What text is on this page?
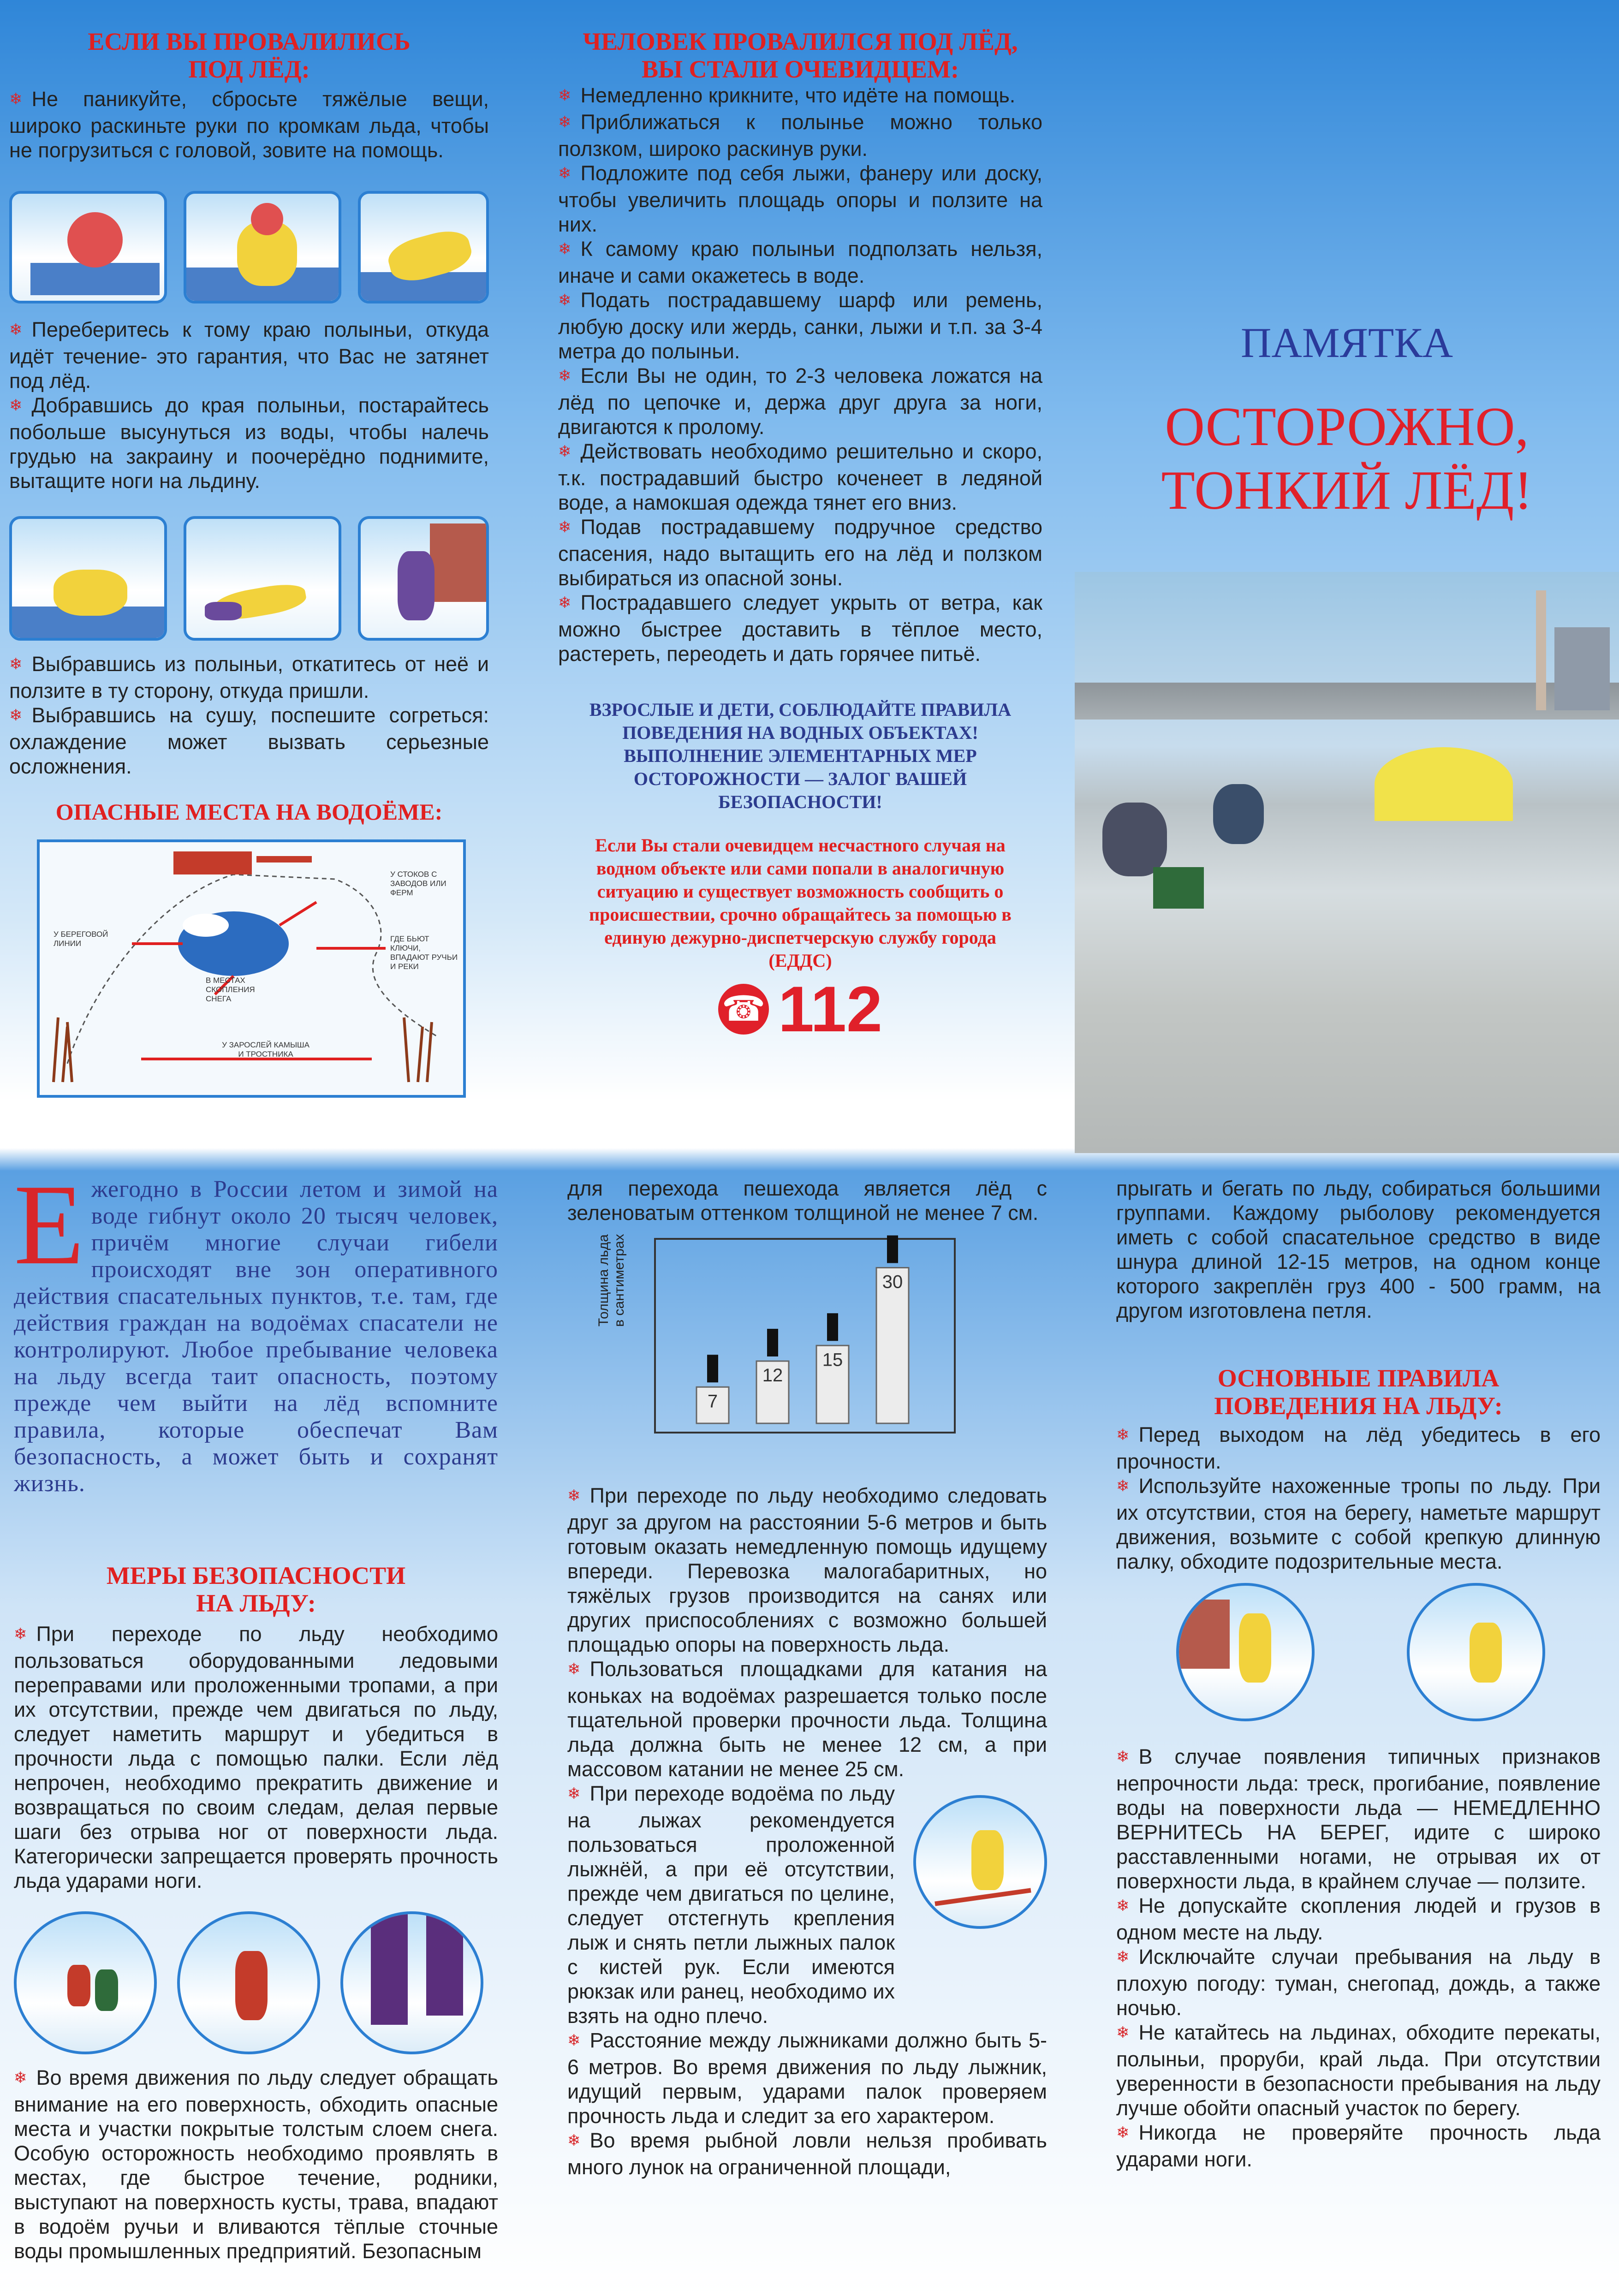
ЕСЛИ ВЫ ПРОВАЛИЛИСЬ
ПОД ЛЁД:
❄ Не паникуйте, сбросьте тяжёлые вещи, широко раскиньте руки по кромкам льда, чтобы не погрузиться с головой, зовите на помощь.
❄ Переберитесь к тому краю полыньи, откуда идёт течение- это гарантия, что Вас не затянет под лёд.
❄ Добравшись до края полыньи, постарайтесь побольше высунуться из воды, чтобы налечь грудью на закраину и поочерёдно поднимите, вытащите ноги на льдину.
❄ Выбравшись из полыньи, откатитесь от неё и ползите в ту сторону, откуда пришли.
❄ Выбравшись на сушу, поспешите согреться: охлаждение может вызвать серьезные осложнения.
ОПАСНЫЕ МЕСТА НА ВОДОЁМЕ:
У СТОКОВ С ЗАВОДОВ ИЛИ ФЕРМ
У БЕРЕГОВОЙ ЛИНИИ
ГДЕ БЬЮТ КЛЮЧИ, ВПАДАЮТ РУЧЬИ И РЕКИ
В МЕСТАХ СКОПЛЕНИЯ СНЕГА
У ЗАРОСЛЕЙ КАМЫША И ТРОСТНИКА
ЧЕЛОВЕК ПРОВАЛИЛСЯ ПОД ЛЁД,
ВЫ СТАЛИ ОЧЕВИДЦЕМ:
❄ Немедленно крикните, что идёте на помощь.
❄ Приближаться к полынье можно только ползком, широко раскинув руки.
❄ Подложите под себя лыжи, фанеру или доску, чтобы увеличить площадь опоры и ползите на них.
❄ К самому краю полыньи подползать нельзя, иначе и сами окажетесь в воде.
❄ Подать пострадавшему шарф или ремень, любую доску или жердь, санки, лыжи и т.п. за 3-4 метра до полыньи.
❄ Если Вы не один, то 2-3 человека ложатся на лёд по цепочке и, держа друг друга за ноги, двигаются к пролому.
❄ Действовать необходимо решительно и скоро, т.к. пострадавший быстро коченеет в ледяной воде, а намокшая одежда тянет его вниз.
❄ Подав пострадавшему подручное средство спасения, надо вытащить его на лёд и ползком выбираться из опасной зоны.
❄ Пострадавшего следует укрыть от ветра, как можно быстрее доставить в тёплое место, растереть, переодеть и дать горячее питьё.
ВЗРОСЛЫЕ И ДЕТИ, СОБЛЮДАЙТЕ ПРАВИЛА ПОВЕДЕНИЯ НА ВОДНЫХ ОБЪЕКТАХ! ВЫПОЛНЕНИЕ ЭЛЕМЕНТАРНЫХ МЕР ОСТОРОЖНОСТИ — ЗАЛОГ ВАШЕЙ БЕЗОПАСНОСТИ!
Если Вы стали очевидцем несчастного случая на водном объекте или сами попали в аналогичную ситуацию и существует возможность сообщить о происшествии, срочно обращайтесь за помощью в единую дежурно-диспетчерскую службу города (ЕДДС)
☎ 112
ПАМЯТКА
ОСТОРОЖНО,
ТОНКИЙ ЛЁД!
Е жегодно в России летом и зимой на воде гибнут около 20 тысяч человек, причём многие случаи гибели происходят вне зон оперативного действия спасательных пунктов, т.е. там, где действия граждан на водоёмах спасатели не контролируют. Любое пребывание человека на льду всегда таит опасность, поэтому прежде чем выйти на лёд вспомните правила, которые обеспечат Вам безопасность, а может быть и сохранят жизнь.
МЕРЫ БЕЗОПАСНОСТИ
НА ЛЬДУ:
❄ При переходе по льду необходимо пользоваться оборудованными ледовыми переправами или проложенными тропами, а при их отсутствии, прежде чем двигаться по льду, следует наметить маршрут и убедиться в прочности льда с помощью палки. Если лёд непрочен, необходимо прекратить движение и возвращаться по своим следам, делая первые шаги без отрыва ног от поверхности льда. Категорически запрещается проверять прочность льда ударами ноги.
❄ Во время движения по льду следует обращать внимание на его поверхность, обходить опасные места и участки покрытые толстым слоем снега. Особую осторожность необходимо проявлять в местах, где быстрое течение, родники, выступают на поверхность кусты, трава, впадают в водоём ручьи и вливаются тёплые сточные воды промышленных предприятий. Безопасным
для перехода пешехода является лёд с зеленоватым оттенком толщиной не менее 7 см.
Толщина льда
в сантиметрах
7
12
15
30
❄ При переходе по льду необходимо следовать друг за другом на расстоянии 5-6 метров и быть готовым оказать немедленную помощь идущему впереди. Перевозка малогабаритных, но тяжёлых грузов производится на санях или других приспособлениях с возможно большей площадью опоры на поверхность льда.
❄ Пользоваться площадками для катания на коньках на водоёмах разрешается только после тщательной проверки прочности льда. Толщина льда должна быть не менее 12 см, а при массовом катании не менее 25 см.
❄ При переходе водоёма по льду на лыжах рекомендуется пользоваться проложенной лыжнёй, а при её отсутствии, прежде чем двигаться по целине, следует отстегнуть крепления лыж и снять петли лыжных палок с кистей рук. Если имеются рюкзак или ранец, необходимо их взять на одно плечо.
❄ Расстояние между лыжниками должно быть 5-6 метров. Во время движения по льду лыжник, идущий первым, ударами палок проверяем прочность льда и следит за его характером.
❄ Во время рыбной ловли нельзя пробивать много лунок на ограниченной площади,
прыгать и бегать по льду, собираться большими группами. Каждому рыболову рекомендуется иметь с собой спасательное средство в виде шнура длиной 12-15 метров, на одном конце которого закреплён груз 400 - 500 грамм, на другом изготовлена петля.
ОСНОВНЫЕ ПРАВИЛА
ПОВЕДЕНИЯ НА ЛЬДУ:
❄ Перед выходом на лёд убедитесь в его прочности.
❄ Используйте нахоженные тропы по льду. При их отсутствии, стоя на берегу, наметьте маршрут движения, возьмите с собой крепкую длинную палку, обходите подозрительные места.
❄ В случае появления типичных признаков непрочности льда: треск, прогибание, появление воды на поверхности льда — НЕМЕДЛЕННО ВЕРНИТЕСЬ НА БЕРЕГ, идите с широко расставленными ногами, не отрывая их от поверхности льда, в крайнем случае — ползите.
❄ Не допускайте скопления людей и грузов в одном месте на льду.
❄ Исключайте случаи пребывания на льду в плохую погоду: туман, снегопад, дождь, а также ночью.
❄ Не катайтесь на льдинах, обходите перекаты, полыньи, проруби, край льда. При отсутствии уверенности в безопасности пребывания на льду лучше обойти опасный участок по берегу.
❄ Никогда не проверяйте прочность льда ударами ноги.
